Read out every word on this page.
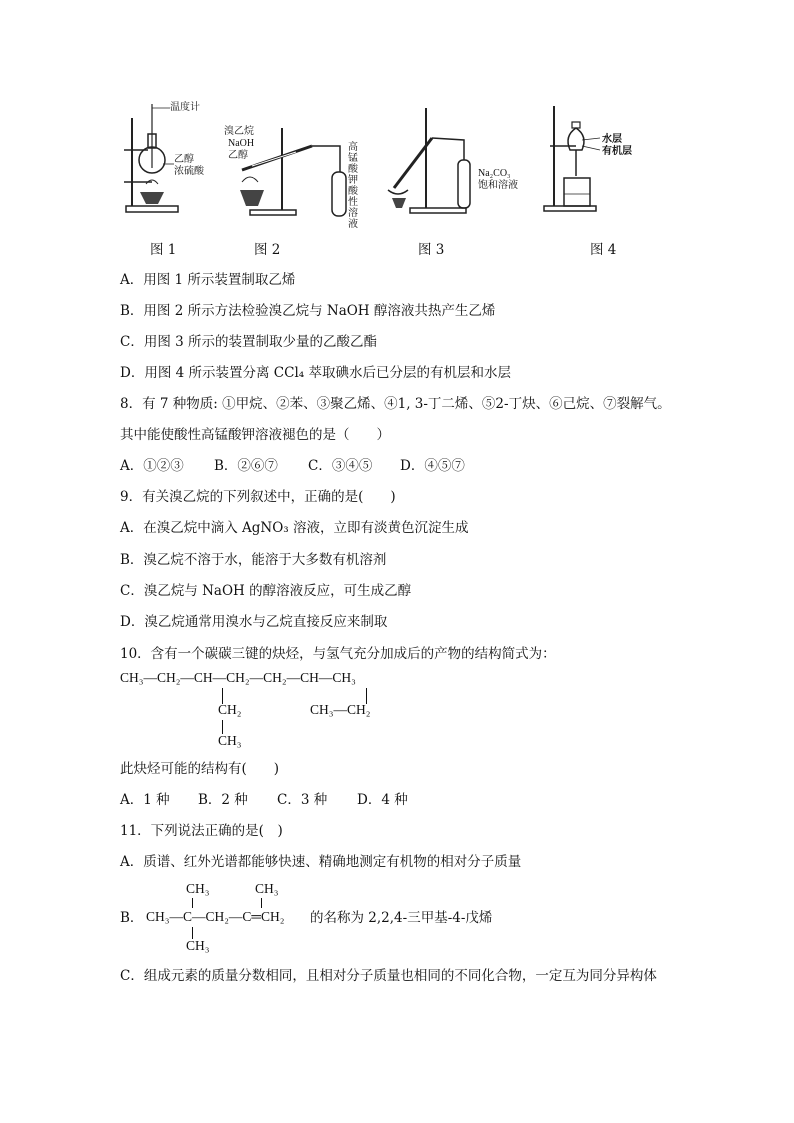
温度计
乙醇
浓硫酸
溴乙烷
NaOH
乙醇
高锰酸钾酸性溶液
Na₂CO₃
饱和溶液
水层
有机层
图 1	图 2	图 3	图 4
A．用图 1 所示装置制取乙烯
B．用图 2 所示方法检验溴乙烷与 NaOH 醇溶液共热产生乙烯
C．用图 3 所示的装置制取少量的乙酸乙酯
D．用图 4 所示装置分离 CCl₄ 萃取碘水后已分层的有机层和水层
8．有 7 种物质: ①甲烷、②苯、③聚乙烯、④1, 3-丁二烯、⑤2-丁炔、⑥己烷、⑦裂解气。
其中能使酸性高锰酸钾溶液褪色的是（　　）
A．①②③ B．②⑥⑦ C．③④⑤ D．④⑤⑦
9．有关溴乙烷的下列叙述中，正确的是(　　)
A．在溴乙烷中滴入 AgNO₃ 溶液，立即有淡黄色沉淀生成
B．溴乙烷不溶于水，能溶于大多数有机溶剂
C．溴乙烷与 NaOH 的醇溶液反应，可生成乙醇
D．溴乙烷通常用溴水与乙烷直接反应来制取
10．含有一个碳碳三键的炔烃，与氢气充分加成后的产物的结构简式为：
CH₃—CH₂—CH—CH₂—CH₂—CH—CH₃
CH₂
CH₃
CH₃—CH₂
此炔烃可能的结构有(　　)
A．1 种 B．2 种 C．3 种 D．4 种
11．下列说法正确的是(　)
A．质谱、红外光谱都能够快速、精确地测定有机物的相对分子质量
CH₃	CH₃
B． CH₃—C—CH₂—C═CH₂ 的名称为 2,2,4-三甲基-4-戊烯
CH₃
C．组成元素的质量分数相同，且相对分子质量也相同的不同化合物，一定互为同分异构体
